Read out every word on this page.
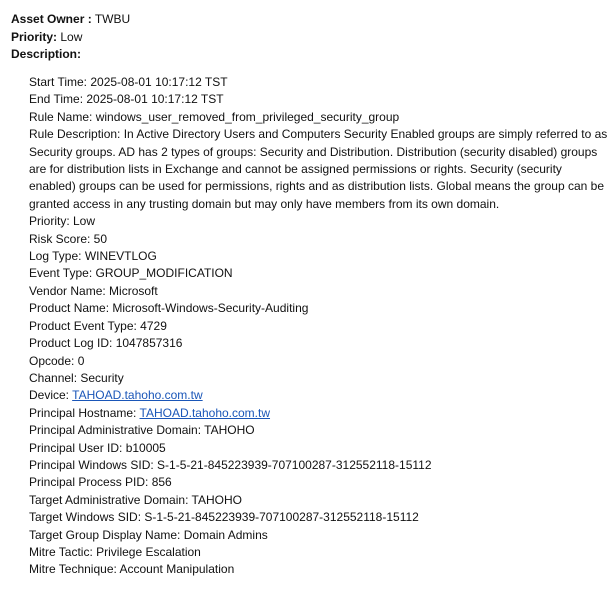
Asset Owner : TWBU
Priority: Low
Description:
Start Time: 2025-08-01 10:17:12 TST
End Time: 2025-08-01 10:17:12 TST
Rule Name: windows_user_removed_from_privileged_security_group
Rule Description: In Active Directory Users and Computers Security Enabled groups are simply referred to as Security groups. AD has 2 types of groups: Security and Distribution. Distribution (security disabled) groups are for distribution lists in Exchange and cannot be assigned permissions or rights. Security (security enabled) groups can be used for permissions, rights and as distribution lists. Global means the group can be granted access in any trusting domain but may only have members from its own domain.
Priority: Low
Risk Score: 50
Log Type: WINEVTLOG
Event Type: GROUP_MODIFICATION
Vendor Name: Microsoft
Product Name: Microsoft-Windows-Security-Auditing
Product Event Type: 4729
Product Log ID: 1047857316
Opcode: 0
Channel: Security
Device: TAHOAD.tahoho.com.tw
Principal Hostname: TAHOAD.tahoho.com.tw
Principal Administrative Domain: TAHOHO
Principal User ID: b10005
Principal Windows SID: S-1-5-21-845223939-707100287-312552118-15112
Principal Process PID: 856
Target Administrative Domain: TAHOHO
Target Windows SID: S-1-5-21-845223939-707100287-312552118-15112
Target Group Display Name: Domain Admins
Mitre Tactic: Privilege Escalation
Mitre Technique: Account Manipulation
